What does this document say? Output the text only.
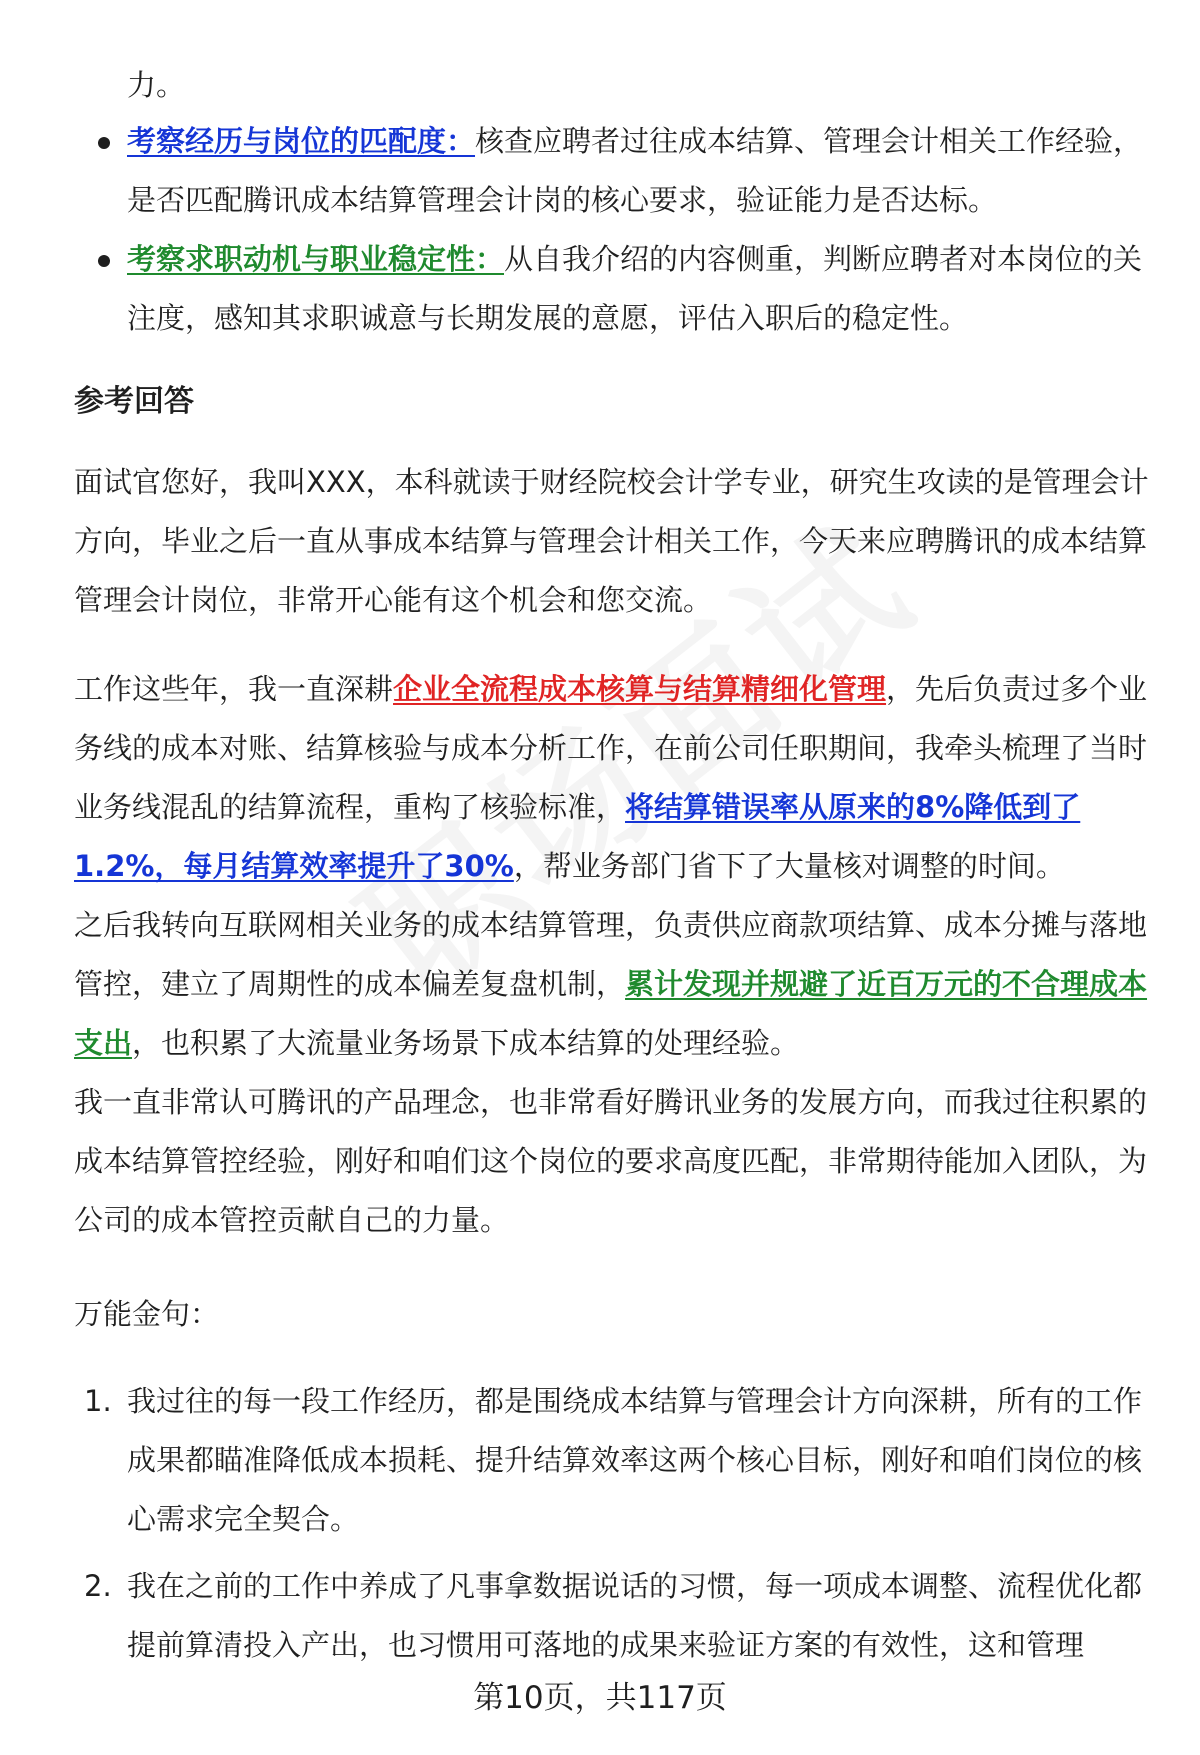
力。
考察经历与岗位的匹配度：核查应聘者过往成本结算、管理会计相关工作经验，是否匹配腾讯成本结算管理会计岗的核心要求，验证能力是否达标。
考察求职动机与职业稳定性：从自我介绍的内容侧重，判断应聘者对本岗位的关注度，感知其求职诚意与长期发展的意愿，评估入职后的稳定性。
参考回答

面试官您好，我叫XXX，本科就读于财经院校会计学专业，研究生攻读的是管理会计方向，毕业之后一直从事成本结算与管理会计相关工作，今天来应聘腾讯的成本结算管理会计岗位，非常开心能有这个机会和您交流。

工作这些年，我一直深耕企业全流程成本核算与结算精细化管理，先后负责过多个业务线的成本对账、结算核验与成本分析工作，在前公司任职期间，我牵头梳理了当时业务线混乱的结算流程，重构了核验标准，将结算错误率从原来的8%降低到了1.2%，每月结算效率提升了30%，帮业务部门省下了大量核对调整的时间。
之后我转向互联网相关业务的成本结算管理，负责供应商款项结算、成本分摊与落地管控，建立了周期性的成本偏差复盘机制，累计发现并规避了近百万元的不合理成本支出，也积累了大流量业务场景下成本结算的处理经验。
我一直非常认可腾讯的产品理念，也非常看好腾讯业务的发展方向，而我过往积累的成本结算管控经验，刚好和咱们这个岗位的要求高度匹配，非常期待能加入团队，为公司的成本管控贡献自己的力量。

万能金句：

1. 我过往的每一段工作经历，都是围绕成本结算与管理会计方向深耕，所有的工作成果都瞄准降低成本损耗、提升结算效率这两个核心目标，刚好和咱们岗位的核心需求完全契合。
2. 我在之前的工作中养成了凡事拿数据说话的习惯，每一项成本调整、流程优化都提前算清投入产出，也习惯用可落地的成果来验证方案的有效性，这和管理
第10页，共117页
